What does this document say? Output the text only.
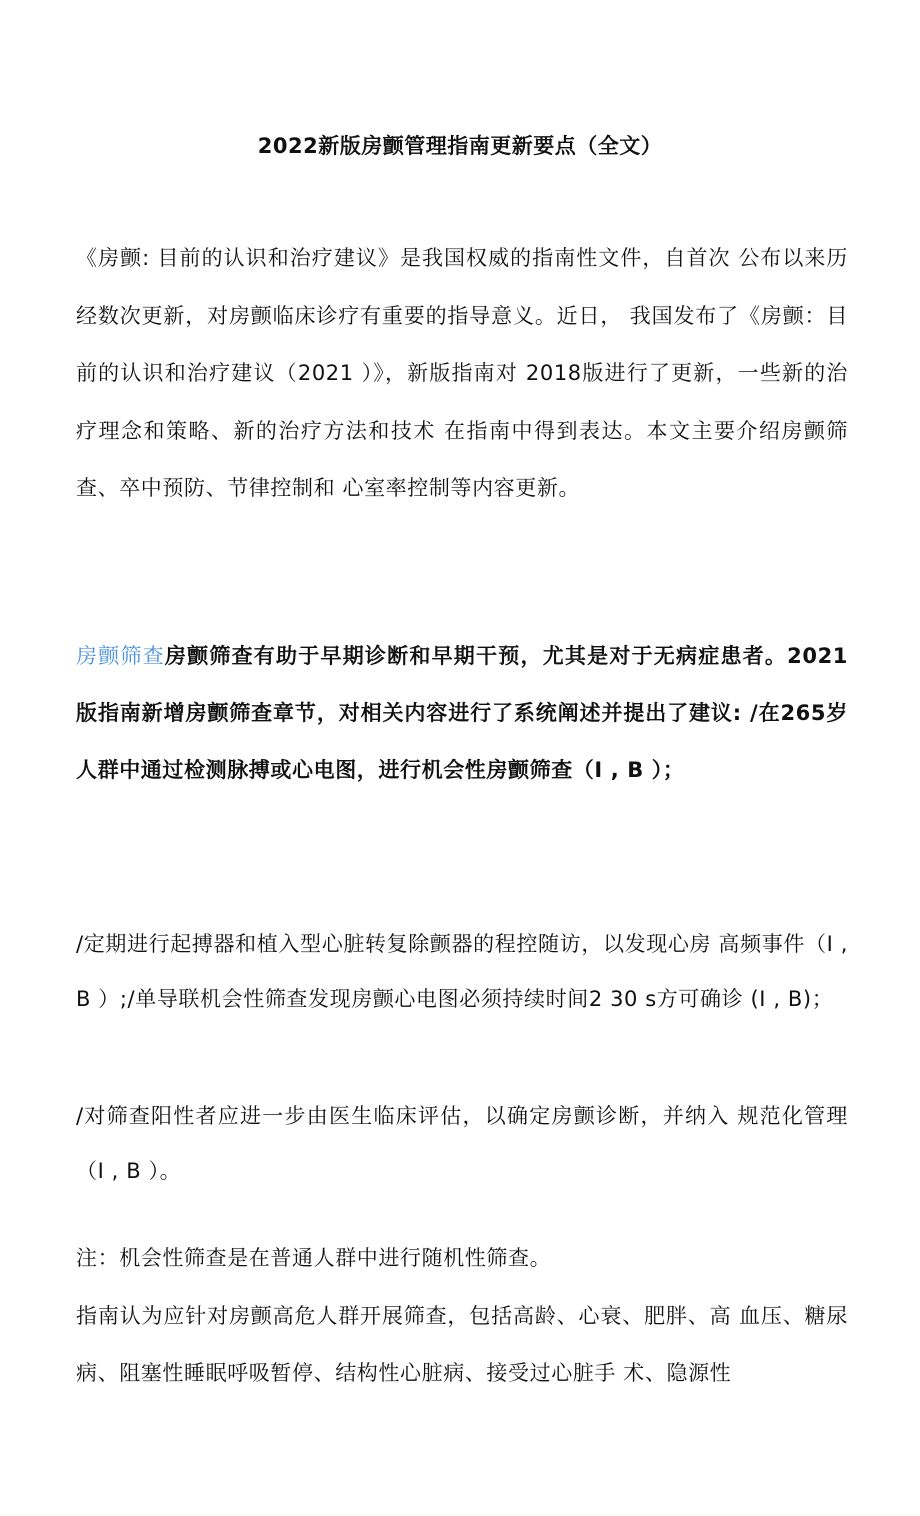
2022新版房颤管理指南更新要点（全文）

《房颤: 目前的认识和治疗建议》是我国权威的指南性文件，自首次 公布以来历经数次更新，对房颤临床诊疗有重要的指导意义。近日， 我国发布了《房颤：目前的认识和治疗建议（2021 ）》，新版指南对 2018版进行了更新，一些新的治疗理念和策略、新的治疗方法和技术 在指南中得到表达。本文主要介绍房颤筛查、卒中预防、节律控制和 心室率控制等内容更新。

房颤筛查房颤筛查有助于早期诊断和早期干预，尤其是对于无病症患者。2021 版指南新增房颤筛查章节，对相关内容进行了系统阐述并提出了建议: /在265岁人群中通过检测脉搏或心电图，进行机会性房颤筛查（I , B ）；

/定期进行起搏器和植入型心脏转复除颤器的程控随访，以发现心房 高频事件（I , B ）;/单导联机会性筛查发现房颤心电图必须持续时间2 30 s方可确诊 (I , B)；

/对筛查阳性者应进一步由医生临床评估，以确定房颤诊断，并纳入 规范化管理（I , B ）。

注：机会性筛查是在普通人群中进行随机性筛查。

指南认为应针对房颤高危人群开展筛查，包括高龄、心衰、肥胖、高 血压、糖尿病、阻塞性睡眠呼吸暂停、结构性心脏病、接受过心脏手 术、隐源性
